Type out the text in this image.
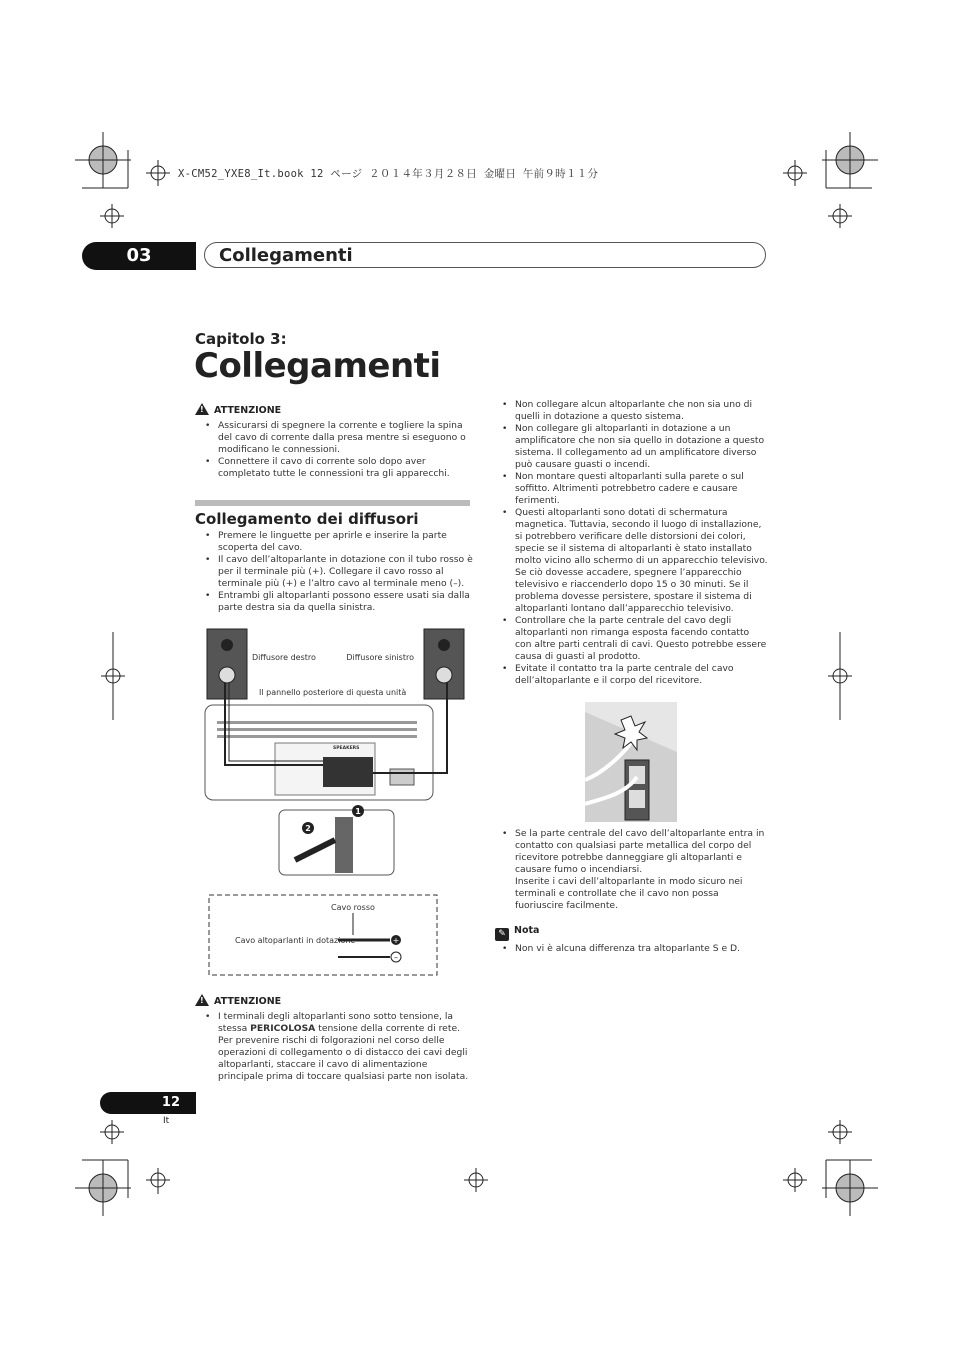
X-CM52_YXE8_It.book 12 ページ ２０１４年３月２８日 金曜日 午前９時１１分
03	Collegamenti
Capitolo 3:
Collegamenti
!ATTENZIONE
• Assicurarsi di spegnere la corrente e togliere la spina del cavo di corrente dalla presa mentre si eseguono o modificano le connessioni.
• Connettere il cavo di corrente solo dopo aver completato tutte le connessioni tra gli apparecchi.
Collegamento dei diffusori
• Premere le linguette per aprirle e inserire la parte scoperta del cavo.
• Il cavo dell’altoparlante in dotazione con il tubo rosso è per il terminale più (+). Collegare il cavo rosso al terminale più (+) e l’altro cavo al terminale meno (–).
• Entrambi gli altoparlanti possono essere usati sia dalla parte destra sia da quella sinistra.
Diffusore destro	Diffusore sinistro
Il pannello posteriore di questa unità
SPEAKERS
2
1
Cavo rosso
Cavo altoparlanti in dotazione	+
–
!ATTENZIONE
• I terminali degli altoparlanti sono sotto tensione, la stessa PERICOLOSA tensione della corrente di rete. Per prevenire rischi di folgorazioni nel corso delle operazioni di collegamento o di distacco dei cavi degli altoparlanti, staccare il cavo di alimentazione principale prima di toccare qualsiasi parte non isolata.
• Non collegare alcun altoparlante che non sia uno di quelli in dotazione a questo sistema.
• Non collegare gli altoparlanti in dotazione a un amplificatore che non sia quello in dotazione a questo sistema. Il collegamento ad un amplificatore diverso può causare guasti o incendi.
• Non montare questi altoparlanti sulla parete o sul soffitto. Altrimenti potrebbetro cadere e causare ferimenti.
• Questi altoparlanti sono dotati di schermatura magnetica. Tuttavia, secondo il luogo di installazione, si potrebbero verificare delle distorsioni dei colori, specie se il sistema di altoparlanti è stato installato molto vicino allo schermo di un apparecchio televisivo. Se ciò dovesse accadere, spegnere l’apparecchio televisivo e riaccenderlo dopo 15 o 30 minuti. Se il problema dovesse persistere, spostare il sistema di altoparlanti lontano dall’apparecchio televisivo.
• Controllare che la parte centrale del cavo degli altoparlanti non rimanga esposta facendo contatto con altre parti centrali di cavi. Questo potrebbe essere causa di guasti al prodotto.
• Evitate il contatto tra la parte centrale del cavo dell’altoparlante e il corpo del ricevitore.
• Se la parte centrale del cavo dell’altoparlante entra in contatto con qualsiasi parte metallica del corpo del ricevitore potrebbe danneggiare gli altoparlanti e causare fumo o incendiarsi.
Inserite i cavi dell’altoparlante in modo sicuro nei terminali e controllate che il cavo non possa fuoriuscire facilmente.
✎ Nota
• Non vi è alcuna differenza tra altoparlante S e D.
12
It
